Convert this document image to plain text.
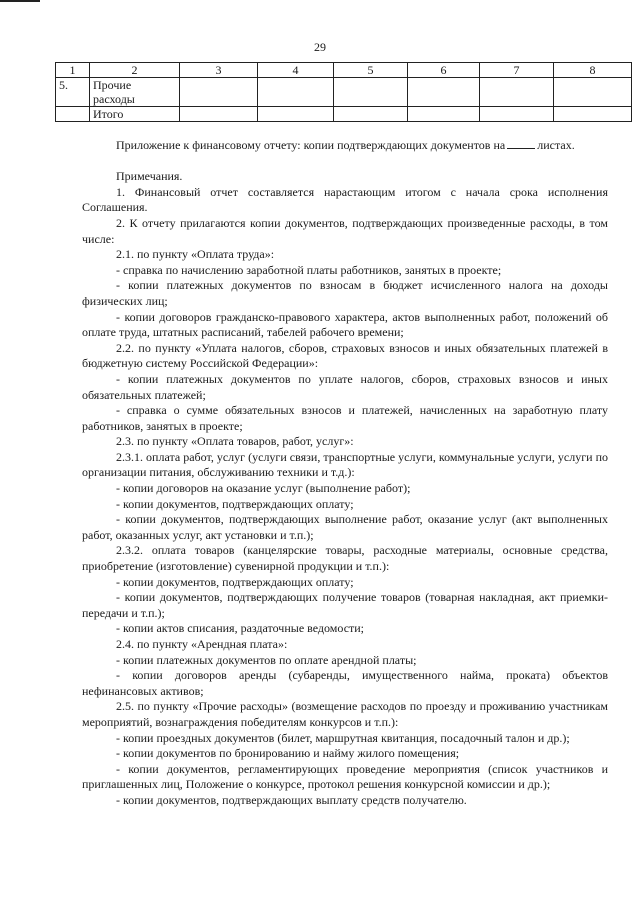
29
1	2	3	4	5	6	7	8
5.	Прочие
расходы						
	Итого						

Приложение к финансовому отчету: копии подтверждающих документов на	листах.

Примечания.

1. Финансовый отчет составляется нарастающим итогом с начала срока исполнения Соглашения.

2. К отчету прилагаются копии документов, подтверждающих произведенные расходы, в том числе:

2.1. по пункту «Оплата труда»:

- справка по начислению заработной платы работников, занятых в проекте;

- копии платежных документов по взносам в бюджет исчисленного налога на доходы физических лиц;

- копии договоров гражданско-правового характера, актов выполненных работ, положений об оплате труда, штатных расписаний, табелей рабочего времени;

2.2. по пункту «Уплата налогов, сборов, страховых взносов и иных обязательных платежей в бюджетную систему Российской Федерации»:

- копии платежных документов по уплате налогов, сборов, страховых взносов и иных обязательных платежей;

- справка о сумме обязательных взносов и платежей, начисленных на заработную плату работников, занятых в проекте;

2.3. по пункту «Оплата товаров, работ, услуг»:

2.3.1. оплата работ, услуг (услуги связи, транспортные услуги, коммунальные услуги, услуги по организации питания, обслуживанию техники и т.д.):

- копии договоров на оказание услуг (выполнение работ);

- копии документов, подтверждающих оплату;

- копии документов, подтверждающих выполнение работ, оказание услуг (акт выполненных работ, оказанных услуг, акт установки и т.п.);

2.3.2. оплата товаров (канцелярские товары, расходные материалы, основные средства, приобретение (изготовление) сувенирной продукции и т.п.):

- копии документов, подтверждающих оплату;

- копии документов, подтверждающих получение товаров (товарная накладная, акт приемки-передачи и т.п.);

- копии актов списания, раздаточные ведомости;

2.4. по пункту «Арендная плата»:

- копии платежных документов по оплате арендной платы;

- копии договоров аренды (субаренды, имущественного найма, проката) объектов нефинансовых активов;

2.5. по пункту «Прочие расходы» (возмещение расходов по проезду и проживанию участникам мероприятий, вознаграждения победителям конкурсов и т.п.):

- копии проездных документов (билет, маршрутная квитанция, посадочный талон и др.);

- копии документов по бронированию и найму жилого помещения;

- копии документов, регламентирующих проведение мероприятия (список участников и приглашенных лиц, Положение о конкурсе, протокол решения конкурсной комиссии и др.);

- копии документов, подтверждающих выплату средств получателю.
